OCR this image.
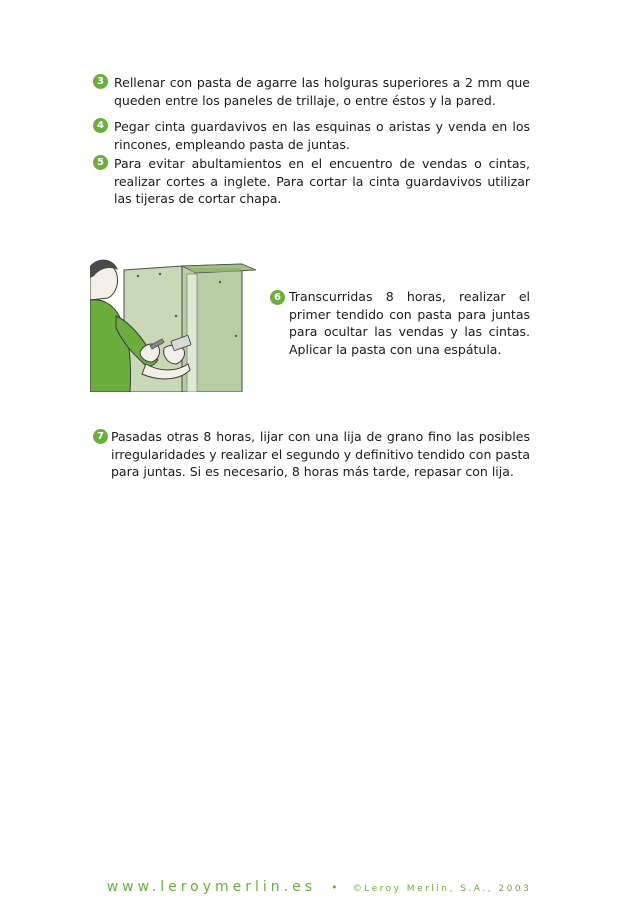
3 Rellenar con pasta de agarre las holguras superiores a 2 mm que queden entre los paneles de trillaje, o entre éstos y la pared.
4 Pegar cinta guardavivos en las esquinas o aristas y venda en los rincones, empleando pasta de juntas.
5 Para evitar abultamientos en el encuentro de vendas o cintas, realizar cortes a inglete. Para cortar la cinta guardavivos utilizar las tijeras de cortar chapa.
6 Transcurridas 8 horas, realizar el primer tendido con pasta para juntas para ocultar las vendas y las cintas. Aplicar la pasta con una espátula.
7 Pasadas otras 8 horas, lijar con una lija de grano fino las posibles irregularidades y realizar el segundo y definitivo tendido con pasta para juntas. Si es necesario, 8 horas más tarde, repasar con lija.
www.leroymerlin.es • ©Leroy Merlin, S.A., 2003
